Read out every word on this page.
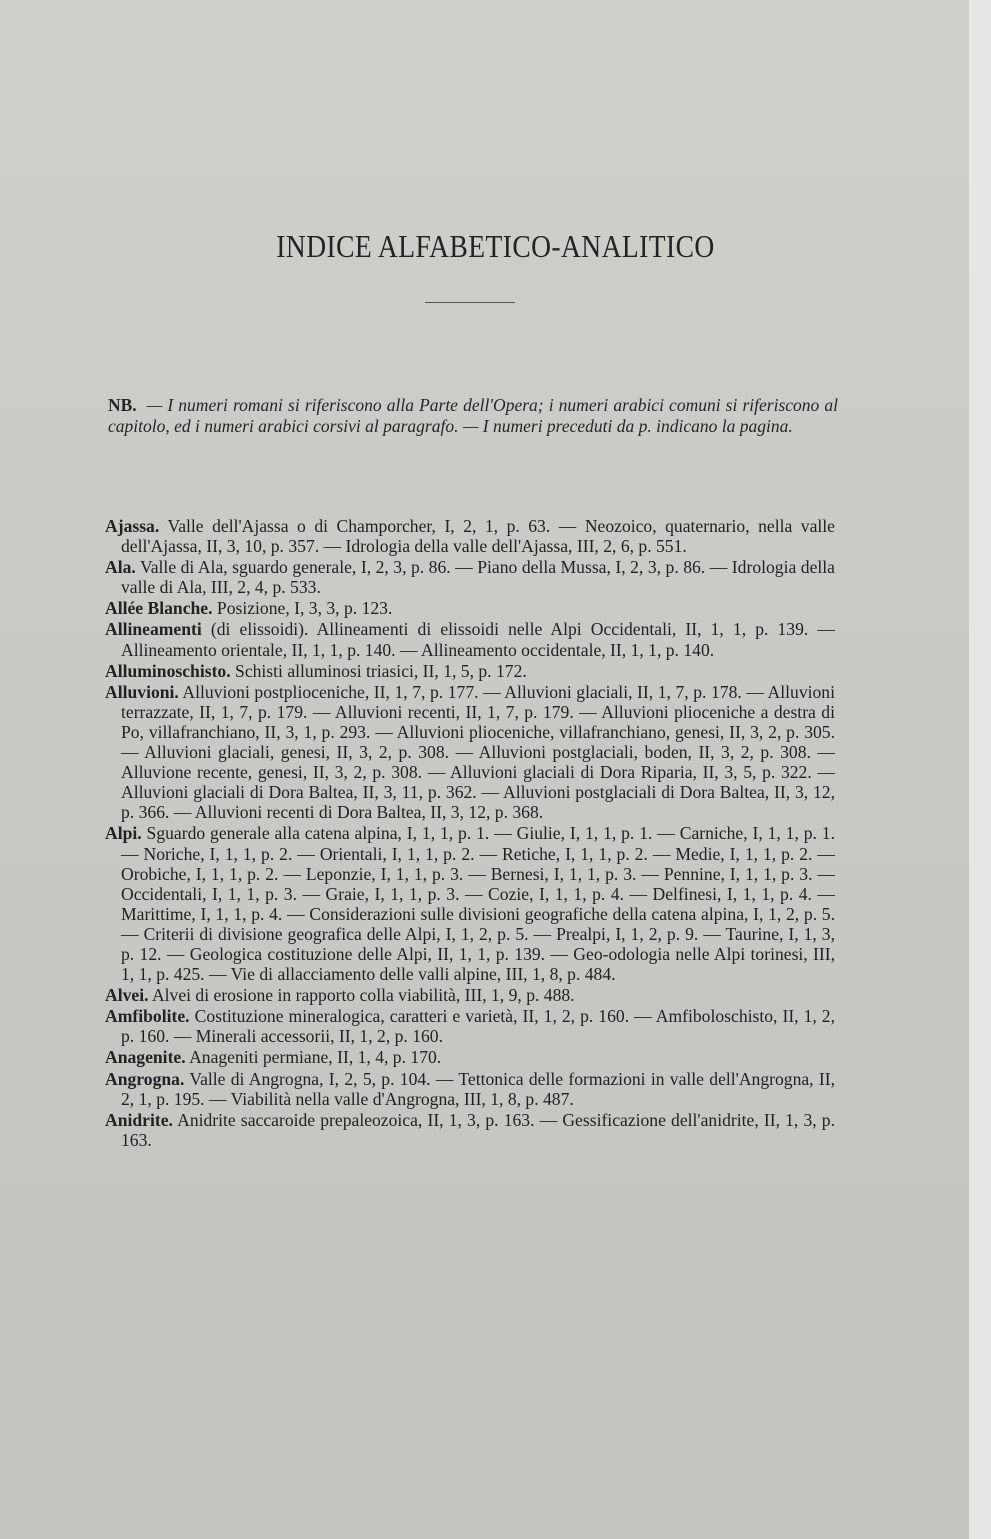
INDICE ALFABETICO-ANALITICO

NB. — I numeri romani si riferiscono alla Parte dell'Opera; i numeri arabici comuni si riferiscono al capitolo, ed i numeri arabici corsivi al paragrafo. — I numeri preceduti da p. indicano la pagina.

Ajassa. Valle dell'Ajassa o di Champorcher, I, 2, 1, p. 63. — Neozoico, quaternario, nella valle dell'Ajassa, II, 3, 10, p. 357. — Idrologia della valle dell'Ajassa, III, 2, 6, p. 551.

Ala. Valle di Ala, sguardo generale, I, 2, 3, p. 86. — Piano della Mussa, I, 2, 3, p. 86. — Idrologia della valle di Ala, III, 2, 4, p. 533.

Allée Blanche. Posizione, I, 3, 3, p. 123.

Allineamenti (di elissoidi). Allineamenti di elissoidi nelle Alpi Occidentali, II, 1, 1, p. 139. — Allineamento orientale, II, 1, 1, p. 140. — Allineamento occidentale, II, 1, 1, p. 140.

Alluminoschisto. Schisti alluminosi triasici, II, 1, 5, p. 172.

Alluvioni. Alluvioni postplioceniche, II, 1, 7, p. 177. — Alluvioni glaciali, II, 1, 7, p. 178. — Alluvioni terrazzate, II, 1, 7, p. 179. — Alluvioni recenti, II, 1, 7, p. 179. — Alluvioni plioceniche a destra di Po, villafranchiano, II, 3, 1, p. 293. — Alluvioni plioceniche, villafranchiano, genesi, II, 3, 2, p. 305. — Alluvioni glaciali, genesi, II, 3, 2, p. 308. — Alluvioni postglaciali, boden, II, 3, 2, p. 308. — Alluvione recente, genesi, II, 3, 2, p. 308. — Alluvioni glaciali di Dora Riparia, II, 3, 5, p. 322. — Alluvioni glaciali di Dora Baltea, II, 3, 11, p. 362. — Alluvioni postglaciali di Dora Baltea, II, 3, 12, p. 366. — Alluvioni recenti di Dora Baltea, II, 3, 12, p. 368.

Alpi. Sguardo generale alla catena alpina, I, 1, 1, p. 1. — Giulie, I, 1, 1, p. 1. — Carniche, I, 1, 1, p. 1. — Noriche, I, 1, 1, p. 2. — Orientali, I, 1, 1, p. 2. — Retiche, I, 1, 1, p. 2. — Medie, I, 1, 1, p. 2. — Orobiche, I, 1, 1, p. 2. — Leponzie, I, 1, 1, p. 3. — Bernesi, I, 1, 1, p. 3. — Pennine, I, 1, 1, p. 3. — Occidentali, I, 1, 1, p. 3. — Graie, I, 1, 1, p. 3. — Cozie, I, 1, 1, p. 4. — Delfinesi, I, 1, 1, p. 4. — Marittime, I, 1, 1, p. 4. — Considerazioni sulle divisioni geografiche della catena alpina, I, 1, 2, p. 5. — Criterii di divisione geografica delle Alpi, I, 1, 2, p. 5. — Prealpi, I, 1, 2, p. 9. — Taurine, I, 1, 3, p. 12. — Geologica costituzione delle Alpi, II, 1, 1, p. 139. — Geo-odologia nelle Alpi torinesi, III, 1, 1, p. 425. — Vie di allacciamento delle valli alpine, III, 1, 8, p. 484.

Alvei. Alvei di erosione in rapporto colla viabilità, III, 1, 9, p. 488.

Amfibolite. Costituzione mineralogica, caratteri e varietà, II, 1, 2, p. 160. — Amfiboloschisto, II, 1, 2, p. 160. — Minerali accessorii, II, 1, 2, p. 160.

Anagenite. Anageniti permiane, II, 1, 4, p. 170.

Angrogna. Valle di Angrogna, I, 2, 5, p. 104. — Tettonica delle formazioni in valle dell'Angrogna, II, 2, 1, p. 195. — Viabilità nella valle d'Angrogna, III, 1, 8, p. 487.

Anidrite. Anidrite saccaroide prepaleozoica, II, 1, 3, p. 163. — Gessificazione dell'anidrite, II, 1, 3, p. 163.
